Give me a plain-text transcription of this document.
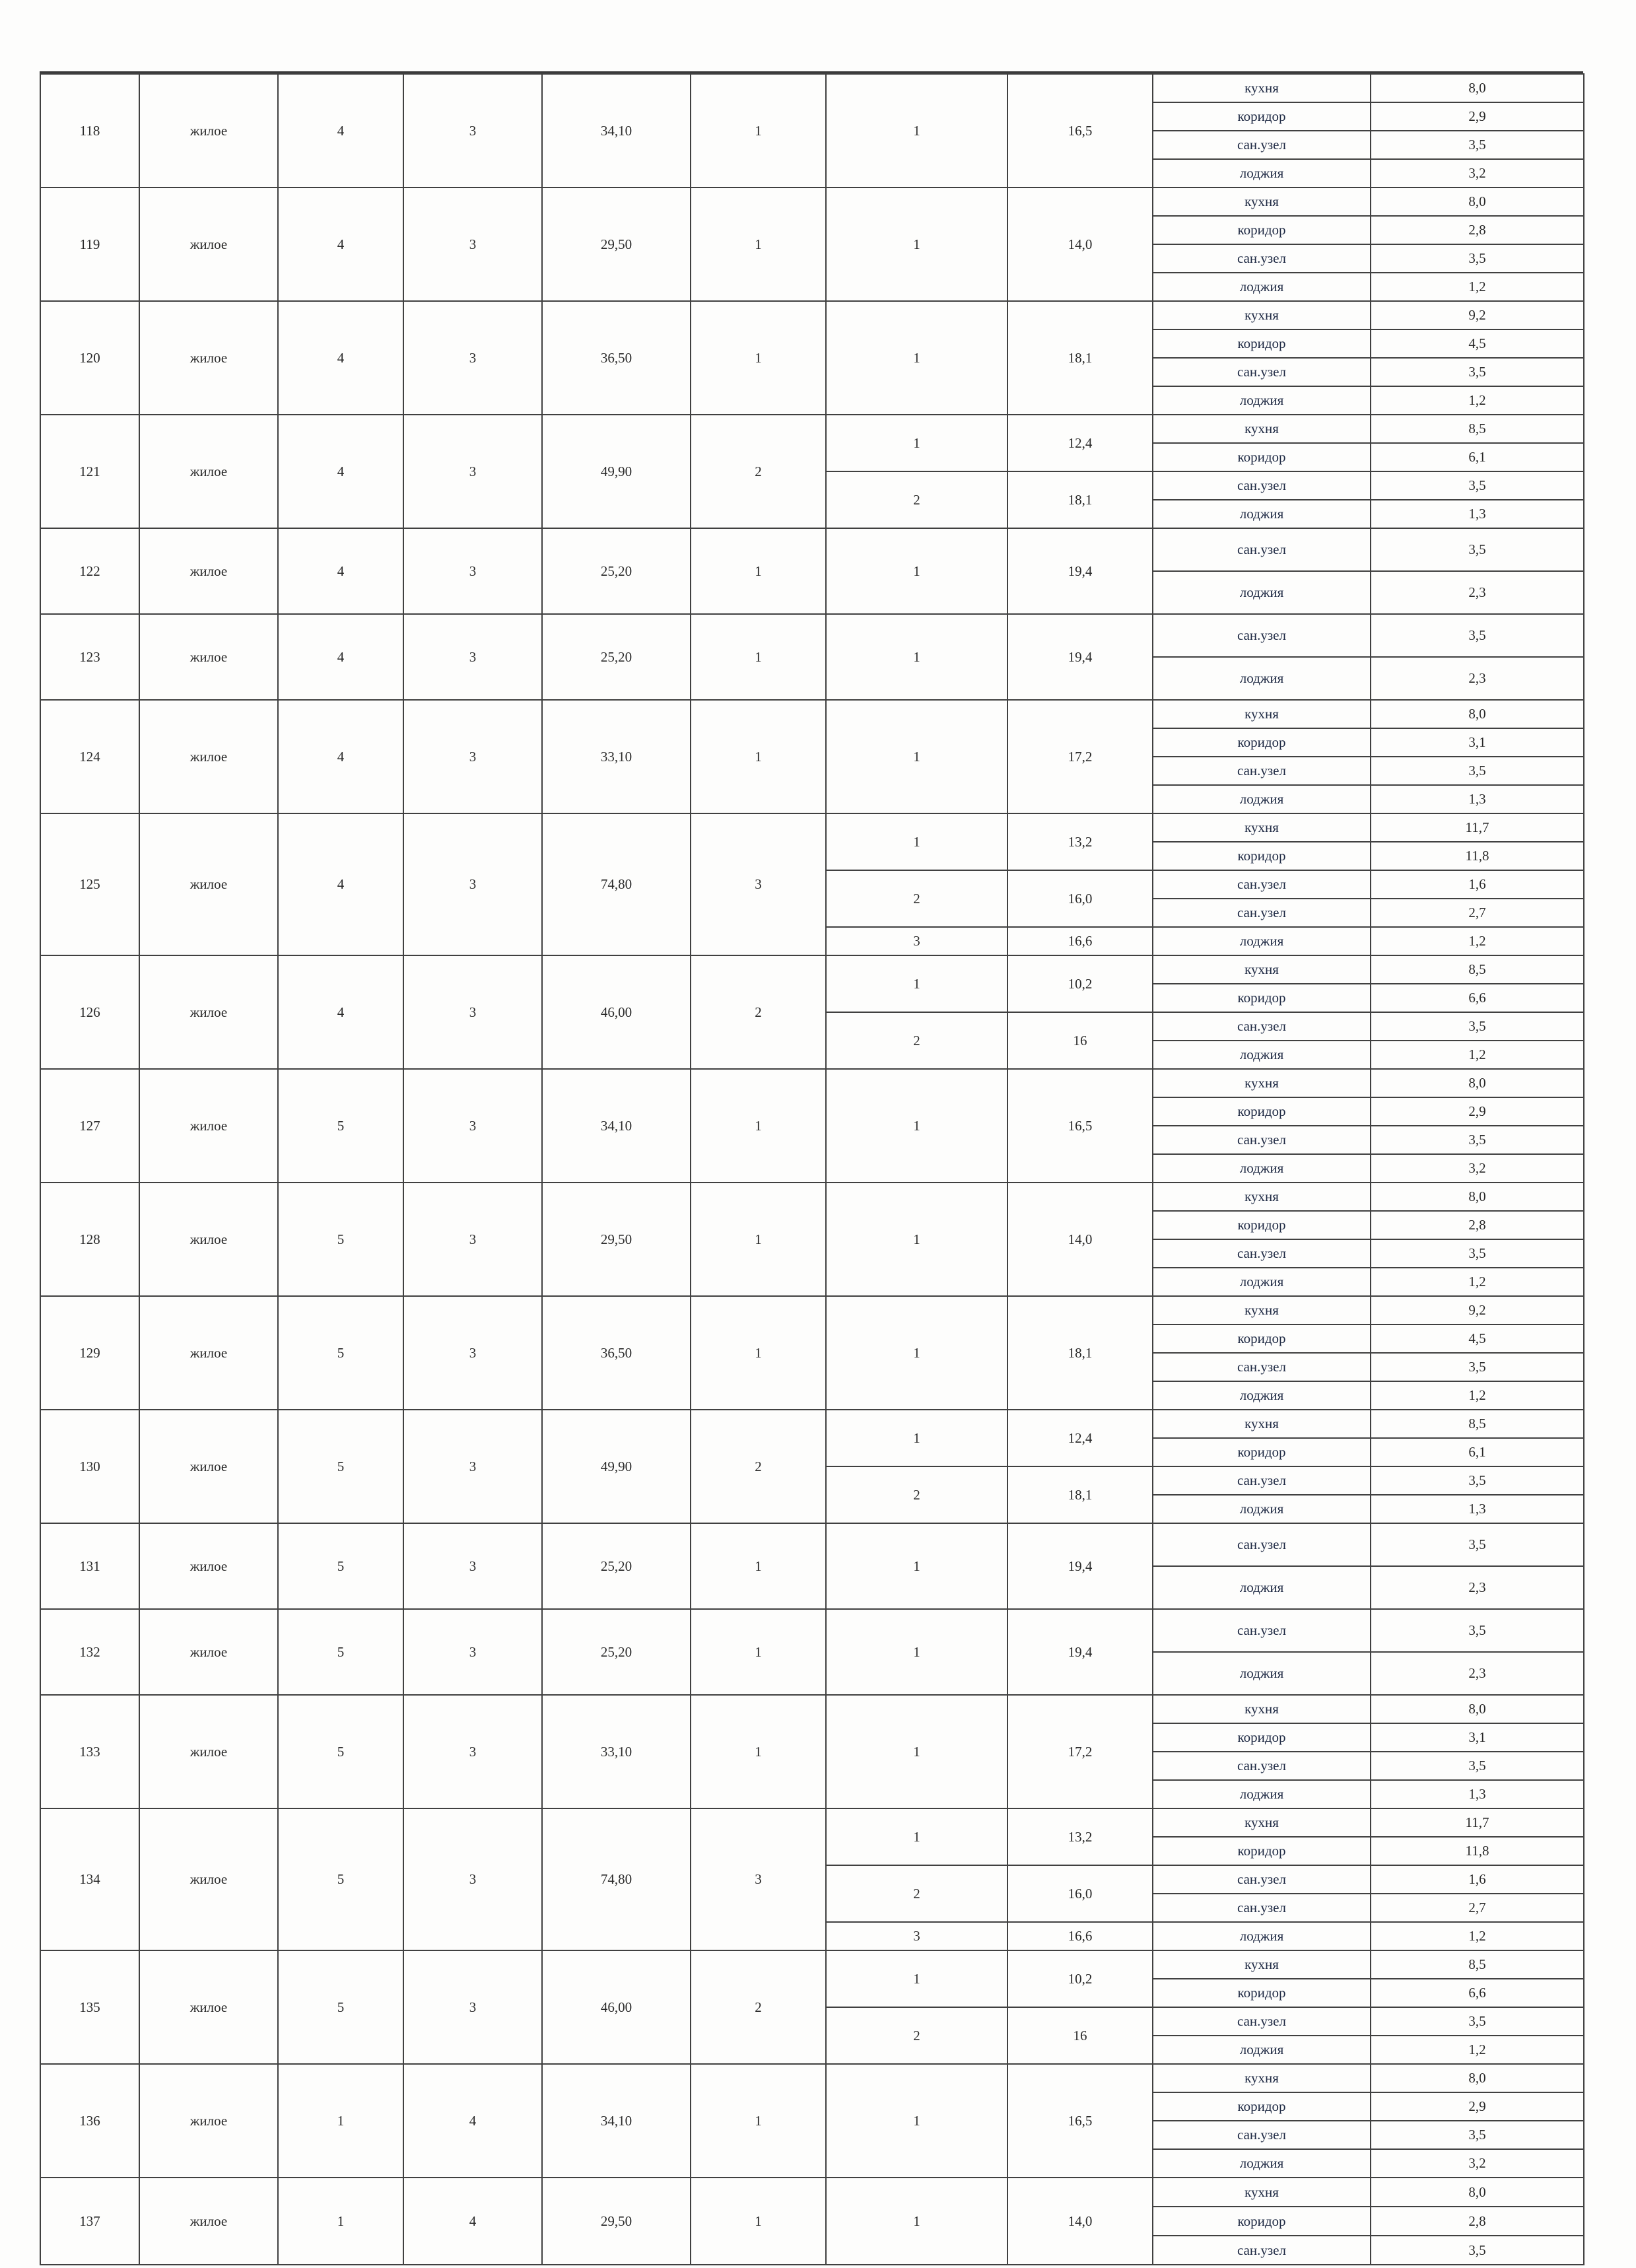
118	жилое	4	3	34,10	1	1	16,5	кухня	8,0
								коридор	2,9
								сан.узел	3,5
								лоджия	3,2
119	жилое	4	3	29,50	1	1	14,0	кухня	8,0
								коридор	2,8
								сан.узел	3,5
								лоджия	1,2
120	жилое	4	3	36,50	1	1	18,1	кухня	9,2
								коридор	4,5
								сан.узел	3,5
								лоджия	1,2
121	жилое	4	3	49,90	2	1	12,4	кухня	8,5
								коридор	6,1
						2	18,1	сан.узел	3,5
								лоджия	1,3
122	жилое	4	3	25,20	1	1	19,4	сан.узел	3,5
								лоджия	2,3
123	жилое	4	3	25,20	1	1	19,4	сан.узел	3,5
								лоджия	2,3
124	жилое	4	3	33,10	1	1	17,2	кухня	8,0
								коридор	3,1
								сан.узел	3,5
								лоджия	1,3
125	жилое	4	3	74,80	3	1	13,2	кухня	11,7
								коридор	11,8
						2	16,0	сан.узел	1,6
								сан.узел	2,7
						3	16,6	лоджия	1,2
126	жилое	4	3	46,00	2	1	10,2	кухня	8,5
								коридор	6,6
						2	16	сан.узел	3,5
								лоджия	1,2
127	жилое	5	3	34,10	1	1	16,5	кухня	8,0
								коридор	2,9
								сан.узел	3,5
								лоджия	3,2
128	жилое	5	3	29,50	1	1	14,0	кухня	8,0
								коридор	2,8
								сан.узел	3,5
								лоджия	1,2
129	жилое	5	3	36,50	1	1	18,1	кухня	9,2
								коридор	4,5
								сан.узел	3,5
								лоджия	1,2
130	жилое	5	3	49,90	2	1	12,4	кухня	8,5
								коридор	6,1
						2	18,1	сан.узел	3,5
								лоджия	1,3
131	жилое	5	3	25,20	1	1	19,4	сан.узел	3,5
								лоджия	2,3
132	жилое	5	3	25,20	1	1	19,4	сан.узел	3,5
								лоджия	2,3
133	жилое	5	3	33,10	1	1	17,2	кухня	8,0
								коридор	3,1
								сан.узел	3,5
								лоджия	1,3
134	жилое	5	3	74,80	3	1	13,2	кухня	11,7
								коридор	11,8
						2	16,0	сан.узел	1,6
								сан.узел	2,7
						3	16,6	лоджия	1,2
135	жилое	5	3	46,00	2	1	10,2	кухня	8,5
								коридор	6,6
						2	16	сан.узел	3,5
								лоджия	1,2
136	жилое	1	4	34,10	1	1	16,5	кухня	8,0
								коридор	2,9
								сан.узел	3,5
								лоджия	3,2
137	жилое	1	4	29,50	1	1	14,0	кухня	8,0
								коридор	2,8
								сан.узел	3,5
